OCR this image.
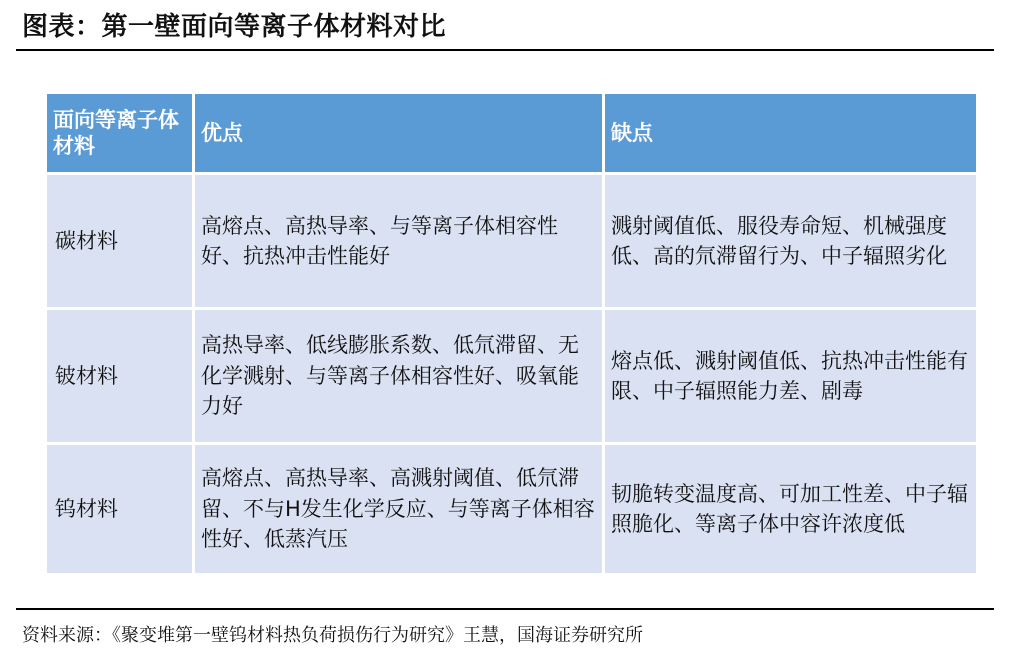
图表：第一壁面向等离子体材料对比
面向等离子体材料	优点	缺点
碳材料	高熔点、高热导率、与等离子体相容性好、抗热冲击性能好	溅射阈值低、服役寿命短、机械强度低、高的氘滞留行为、中子辐照劣化
铍材料	高热导率、低线膨胀系数、低氘滞留、无化学溅射、与等离子体相容性好、吸氧能力好	熔点低、溅射阈值低、抗热冲击性能有限、中子辐照能力差、剧毒
钨材料	高熔点、高热导率、高溅射阈值、低氘滞留、不与H发生化学反应、与等离子体相容性好、低蒸汽压	韧脆转变温度高、可加工性差、中子辐照脆化、等离子体中容许浓度低
资料来源：《聚变堆第一壁钨材料热负荷损伤行为研究》王慧，国海证券研究所
